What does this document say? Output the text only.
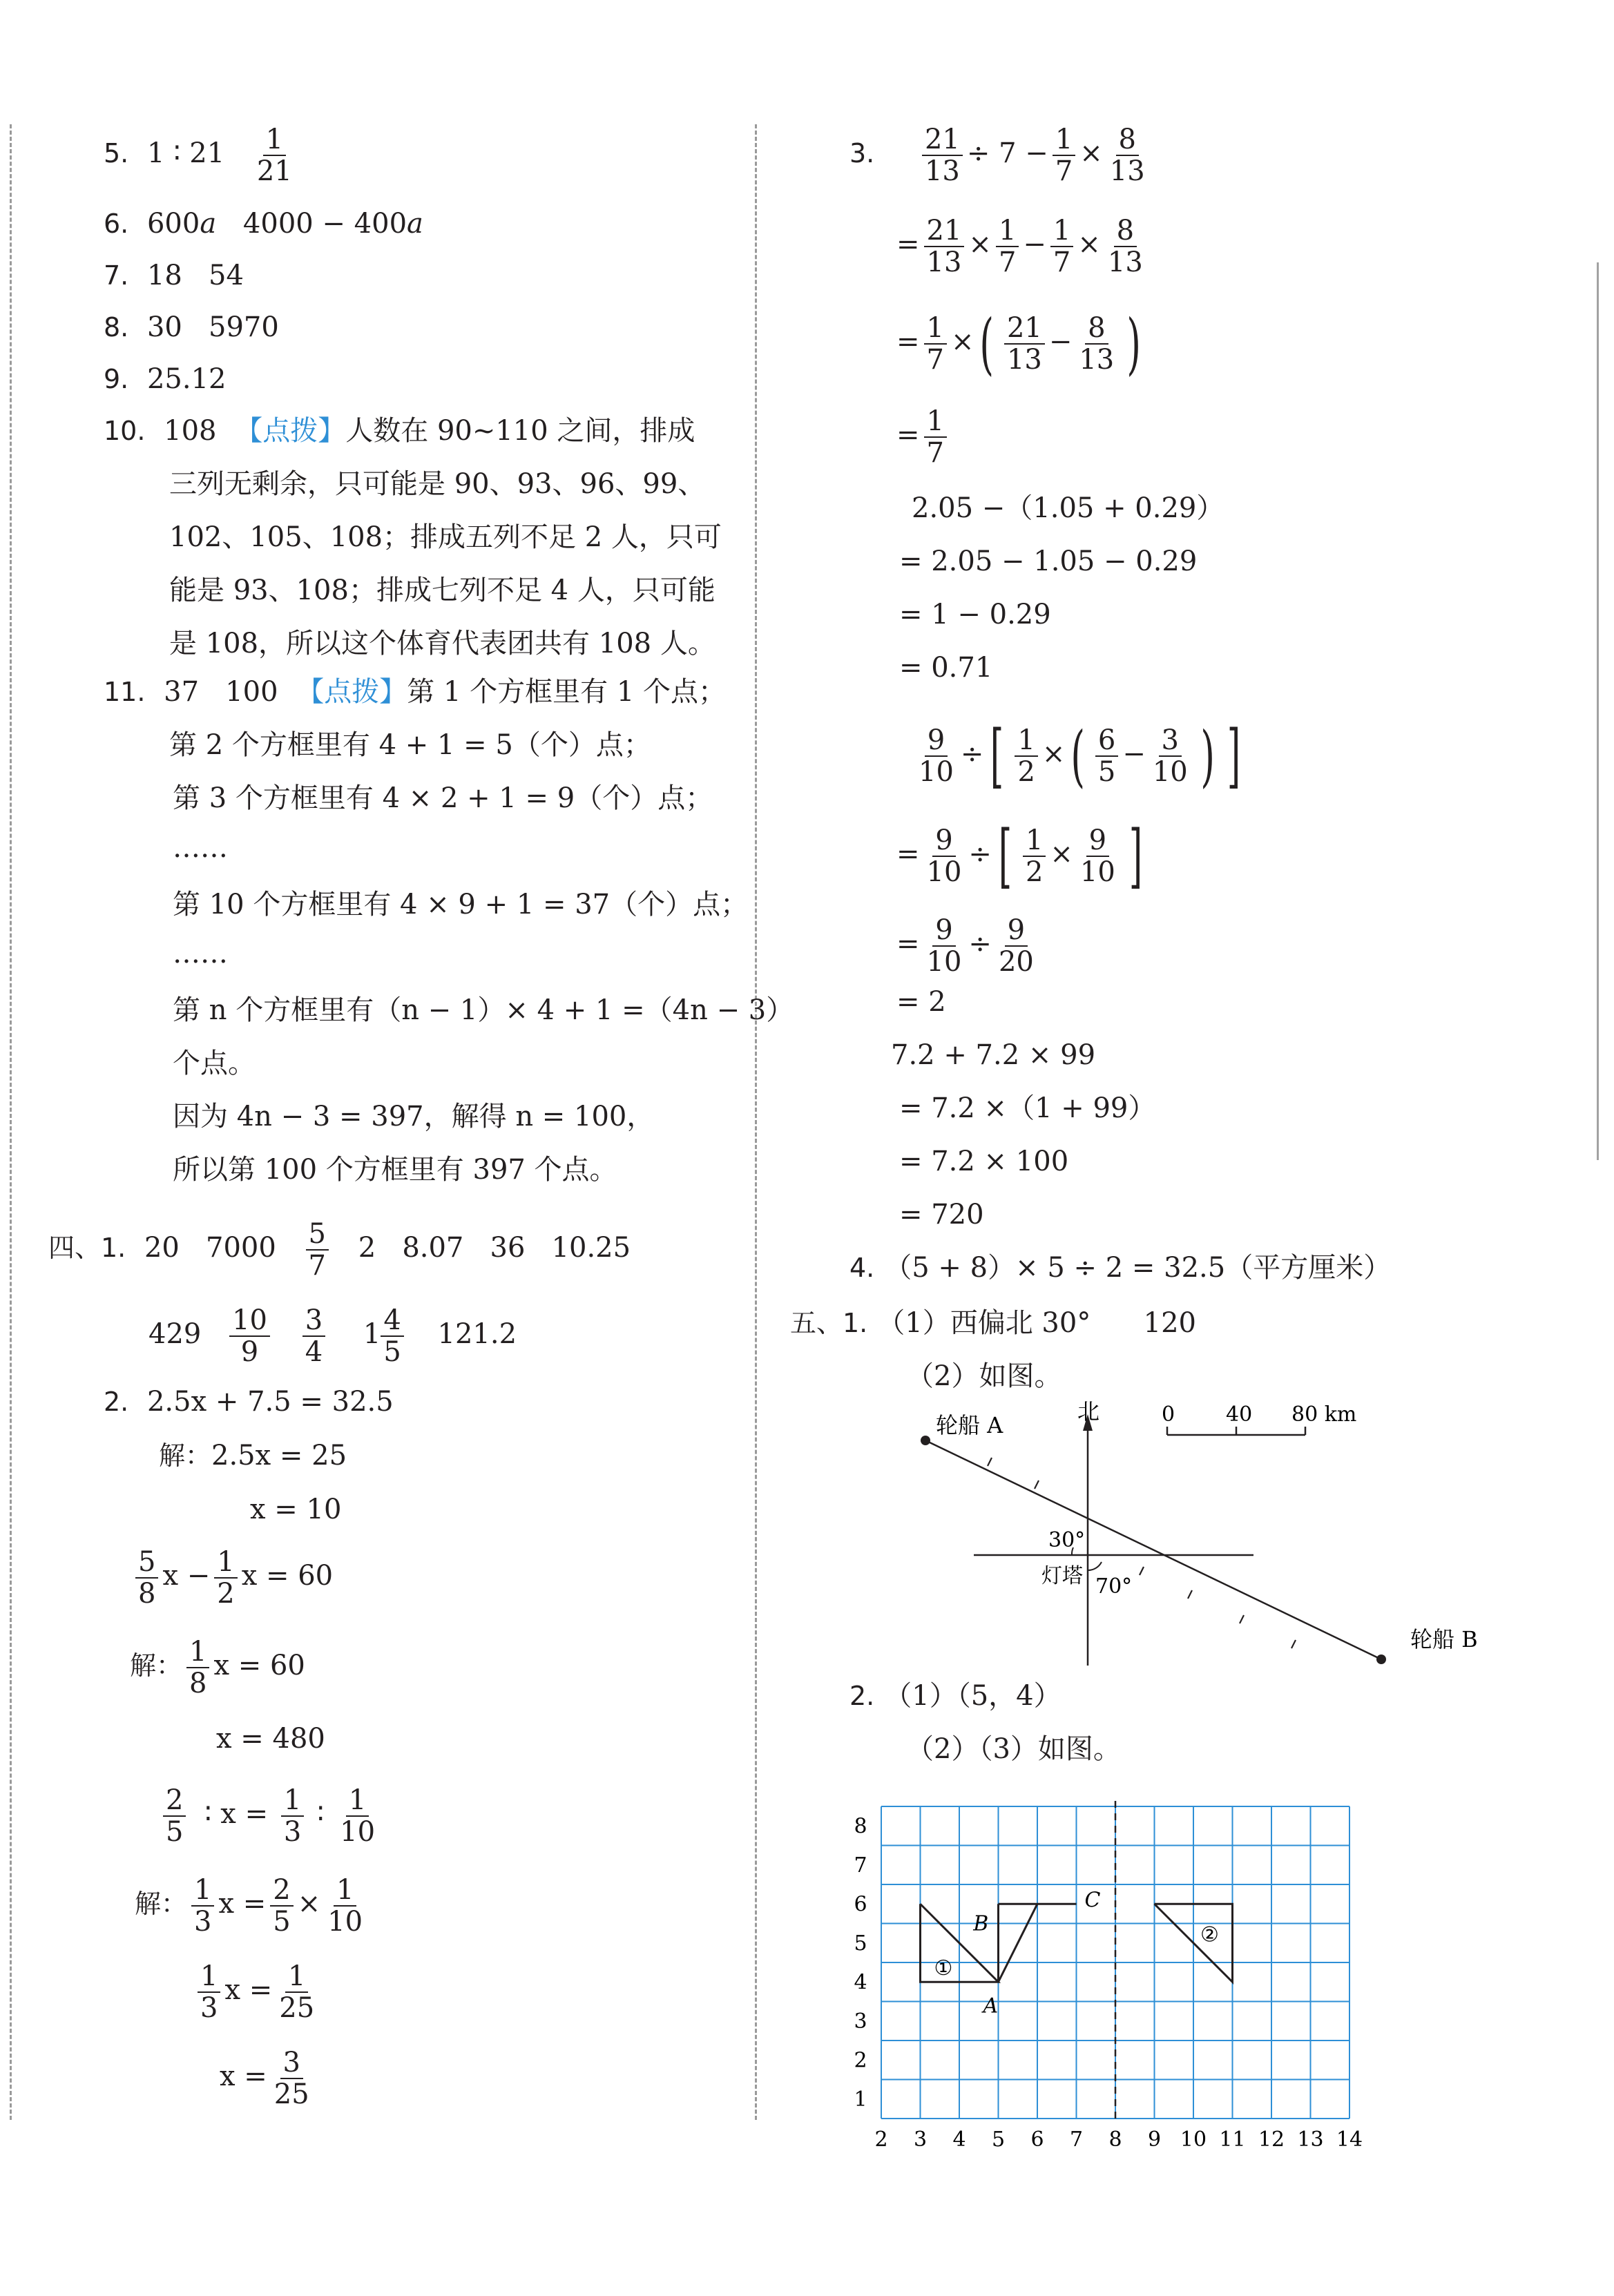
5. 1 ∶ $21 \frac{1}{21}$
6. 600a 4000 − 400a
7. 18   54
8. 30   5970
9. 25.12
10. 108 【点拨】人数在 90~110 之间，排成
三列无剩余，只可能是 90、93、96、99、
102、105、108；排成五列不足 2 人，只可
能是 93、108；排成七列不足 4 人，只可能
是 108，所以这个体育代表团共有 108 人。
11. 37   100 【点拨】第 1 个方框里有 1 个点；
第 2 个方框里有 4 + 1 = 5（个）点；
第 3 个方框里有 4 × 2 + 1 = 9（个）点；
……
第 10 个方框里有 4 × 9 + 1 = 37（个）点；
……
第 n 个方框里有（n − 1）× 4 + 1 =（4n − 3）
个点。
因为 4n − 3 = 397，解得 n = 100，
所以第 100 个方框里有 397 个点。
四、1. 20   $7000 \frac{5}{7} 2$   8.07   36   10.25
$429 \frac{10}{9}$
$\frac{3}{4} 1 \frac{4}{5} 121.2$
2. 2.5x + 7.5 = 32.5
解：2.5x = 25
x = 10
$\frac{5}{8}$ $x - \frac{1}{2}$ x = 60
解： $\frac{1}{8}$ x = 60
x = 480
$\frac{2}{5}$ ∶ $x = \frac{1}{3}$ ∶ $\frac{1}{10}$
解： $\frac{1}{3}$ $x = \frac{2}{5} \times \frac{1}{10}$
$\frac{1}{3}$ $x = \frac{1}{25}$
$x = \frac{3}{25}$
3. $\frac{21}{13} \div 7 - \frac{1}{7} \times \frac{8}{13}$
= $\frac{21}{13} \times \frac{1}{7} - \frac{1}{7} \times \frac{8}{13}$
= $\frac{1}{7}$ ×( $\frac{21}{13} - \frac{8}{13}$ )
= $\frac{1}{7}$
2.05 −（1.05 + 0.29）
= 2.05 − 1.05 − 0.29
= 1 − 0.29
= 0.71
$\frac{9}{10}$ ÷[ $\frac{1}{2}$ ×( $\frac{6}{5} - \frac{3}{10}$ ) ]
= $\frac{9}{10}$ ÷[ $\frac{1}{2} \times \frac{9}{10}$ ]
= $\frac{9}{10} \div \frac{9}{20}$
= 2
7.2 + 7.2 × 99
= 7.2 ×（1 + 99）
= 7.2 × 100
= 720
4. （5 + 8）× 5 ÷ 2 = 32.5（平方厘米）
五、1. （1）西偏北 30°      120
（2）如图。
轮船 A
北
30°
灯塔 70°
轮船 B
0 40 80 km
2. （1）（5，4）
（2）（3）如图。
2 3 4 5 6 7 8 9 10 11 12 13 14
1
2
3
4
5
6
7
8
B
C
A
①
②
